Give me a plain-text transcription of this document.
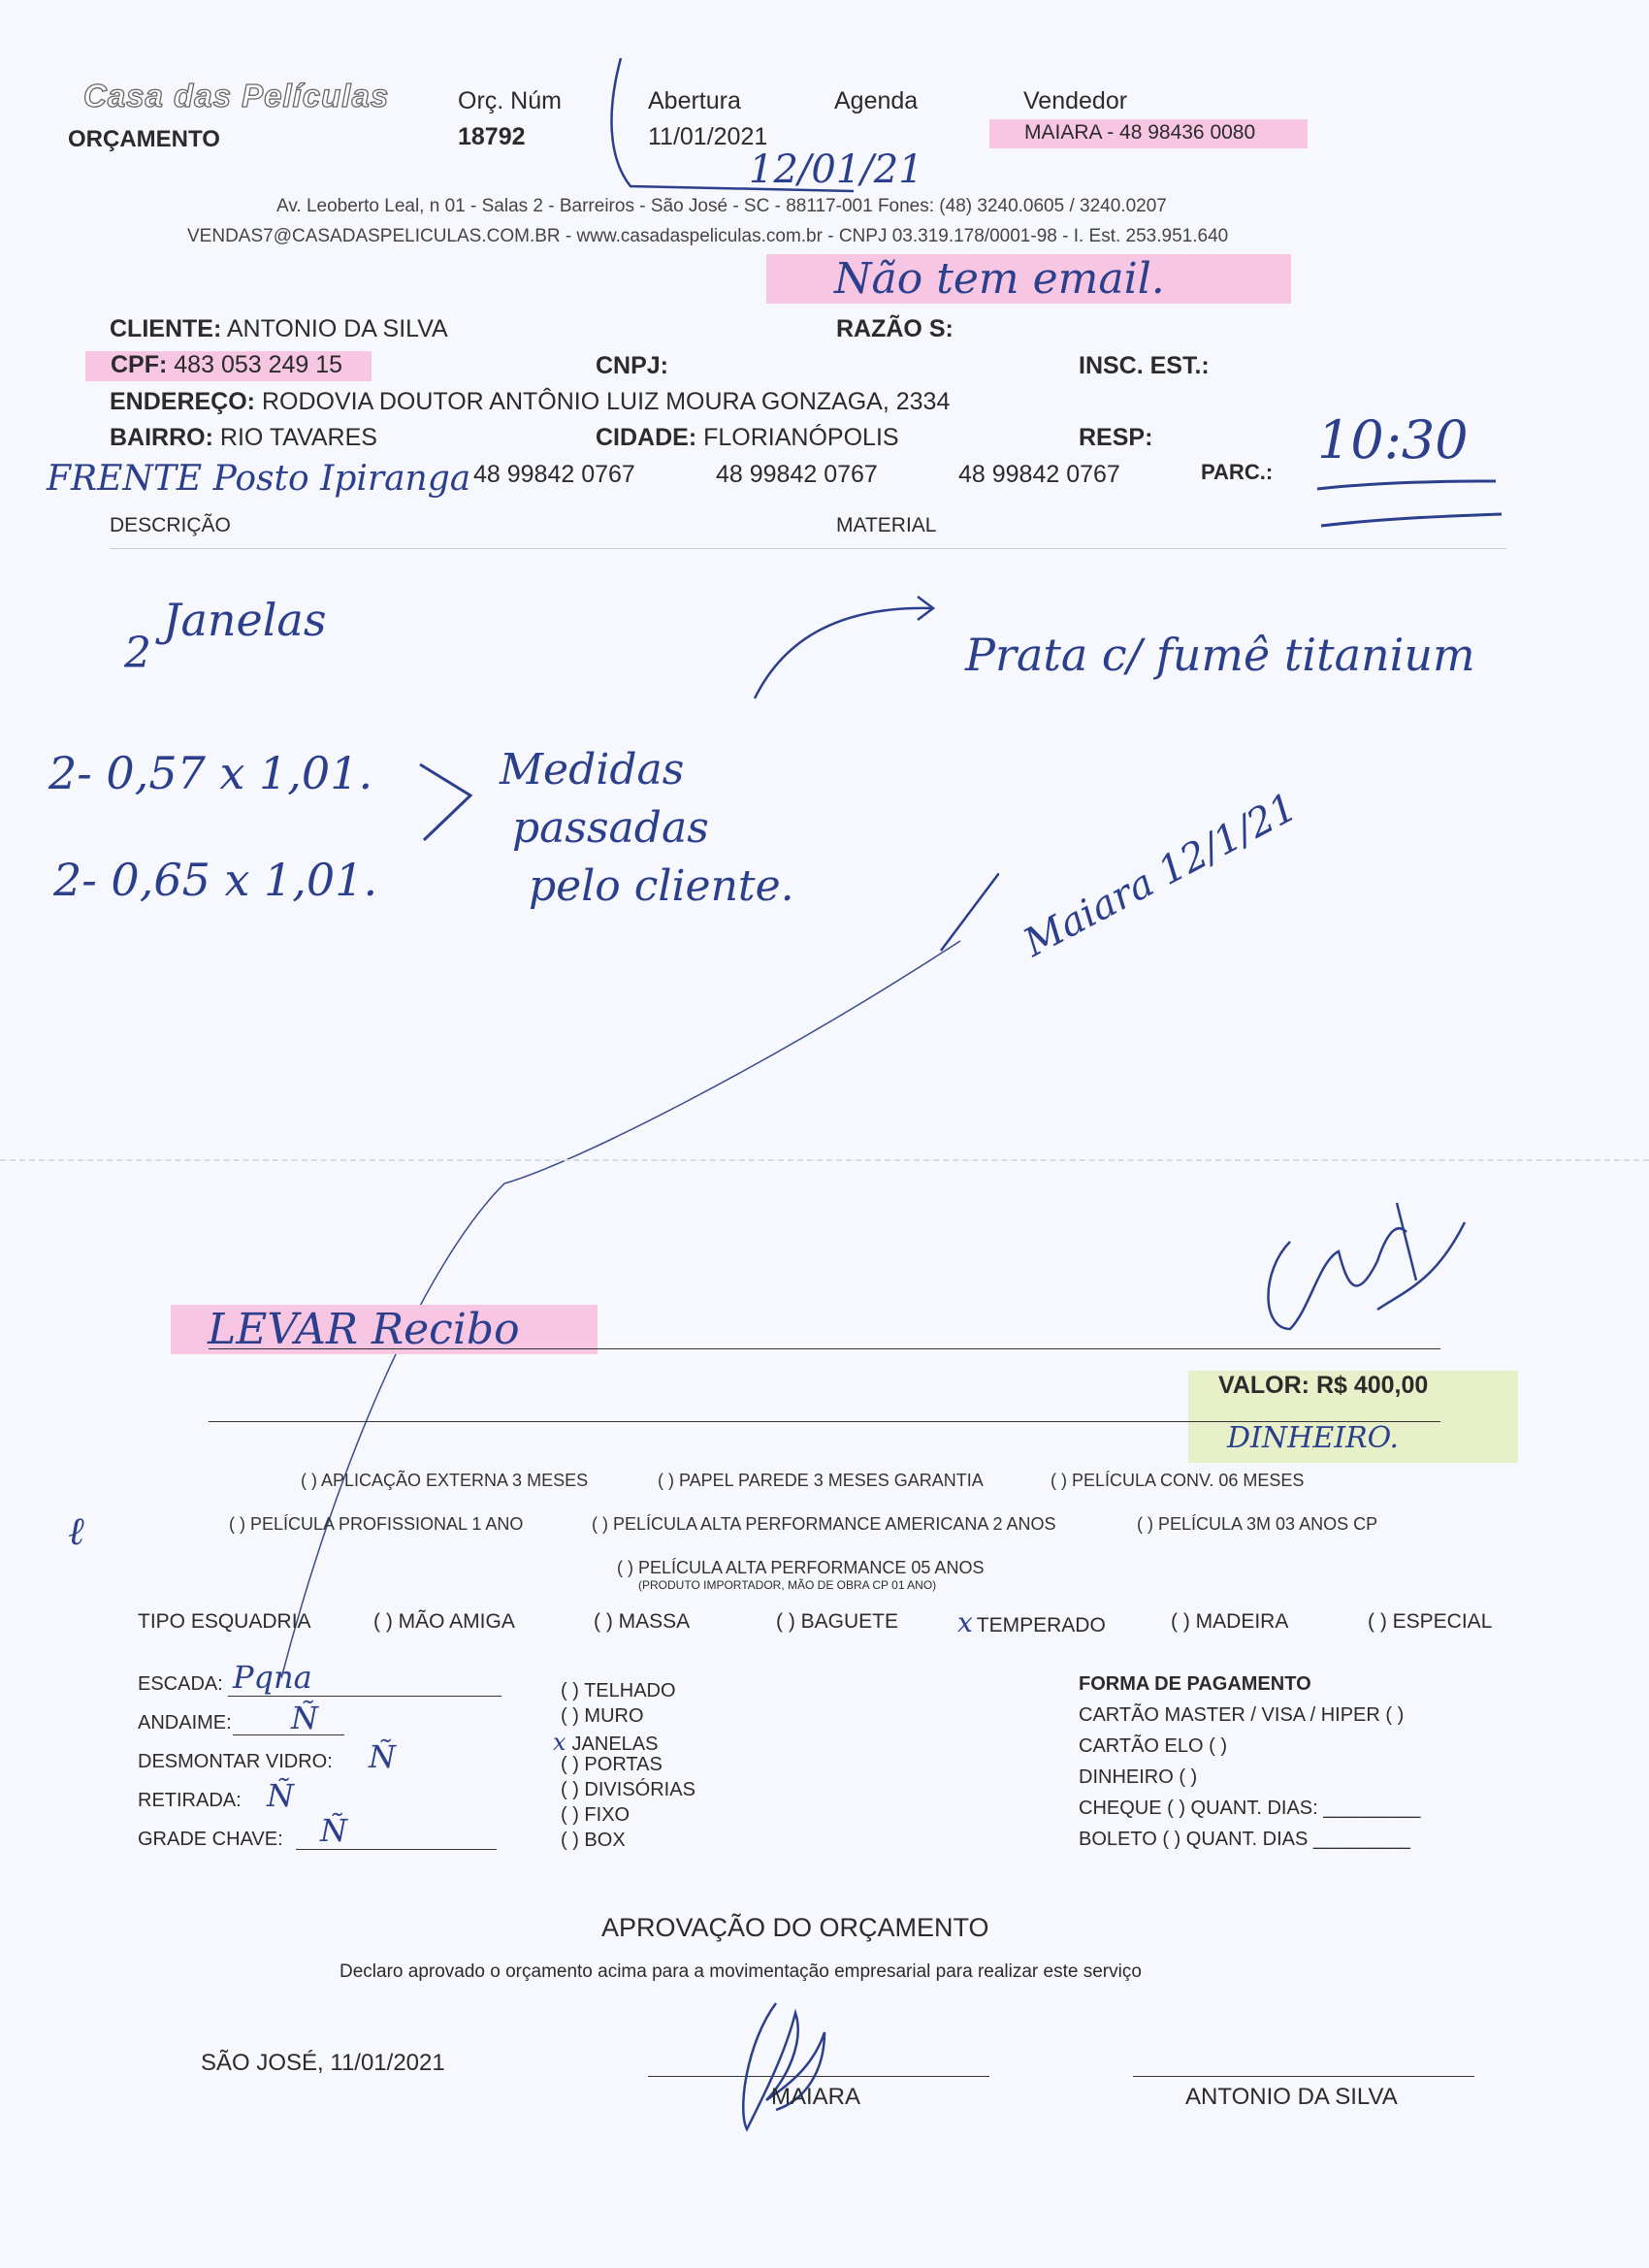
Casa das Películas
ORÇAMENTO
Orç. Núm
18792
Abertura
11/01/2021
Agenda
12/01/21
Vendedor
MAIARA - 48 98436 0080
Av. Leoberto Leal, n 01 - Salas 2 - Barreiros - São José - SC - 88117-001 Fones: (48) 3240.0605 / 3240.0207
VENDAS7@CASADASPELICULAS.COM.BR - www.casadaspeliculas.com.br - CNPJ 03.319.178/0001-98 - I. Est. 253.951.640
Não tem email.
CLIENTE: ANTONIO DA SILVA	RAZÃO S:
CPF: 483 053 249 15	CNPJ:	INSC. EST.:
ENDEREÇO: RODOVIA DOUTOR ANTÔNIO LUIZ MOURA GONZAGA, 2334
BAIRRO: RIO TAVARES	CIDADE: FLORIANÓPOLIS	RESP:	10:30
FRENTE Posto Ipiranga 48 99842 0767	48 99842 0767	48 99842 0767	PARC.:
DESCRIÇÃO	MATERIAL
2
Janelas
Prata c/ fumê titanium
2- 0,57 x 1,01.
2- 0,65 x 1,01.
Medidas
passadas
pelo cliente.	Maiara 12/1/21
LEVAR Recibo
VALOR: R$ 400,00
DINHEIRO.
( ) APLICAÇÃO EXTERNA 3 MESES	( ) PAPEL PAREDE 3 MESES GARANTIA	( ) PELÍCULA CONV. 06 MESES
( ) PELÍCULA PROFISSIONAL 1 ANO	( ) PELÍCULA ALTA PERFORMANCE AMERICANA 2 ANOS	( ) PELÍCULA 3M 03 ANOS CP
ℓ
( ) PELÍCULA ALTA PERFORMANCE 05 ANOS
(PRODUTO IMPORTADOR, MÃO DE OBRA CP 01 ANO)
TIPO ESQUADRIA	( ) MÃO AMIGA	( ) MASSA	( ) BAGUETE x TEMPERADO	( ) MADEIRA	( ) ESPECIAL
ESCADA: Pqna
ANDAIME: Ñ
DESMONTAR VIDRO: Ñ
RETIRADA: Ñ
GRADE CHAVE: Ñ
( ) TELHADO
( ) MURO
x JANELAS
( ) PORTAS
( ) DIVISÓRIAS
( ) FIXO
( ) BOX
FORMA DE PAGAMENTO
CARTÃO MASTER / VISA / HIPER ( )
CARTÃO ELO ( )
DINHEIRO ( )
CHEQUE ( ) QUANT. DIAS: _________
BOLETO ( ) QUANT. DIAS _________
APROVAÇÃO DO ORÇAMENTO
Declaro aprovado o orçamento acima para a movimentação empresarial para realizar este serviço
SÃO JOSÉ, 11/01/2021
MAIARA	ANTONIO DA SILVA
